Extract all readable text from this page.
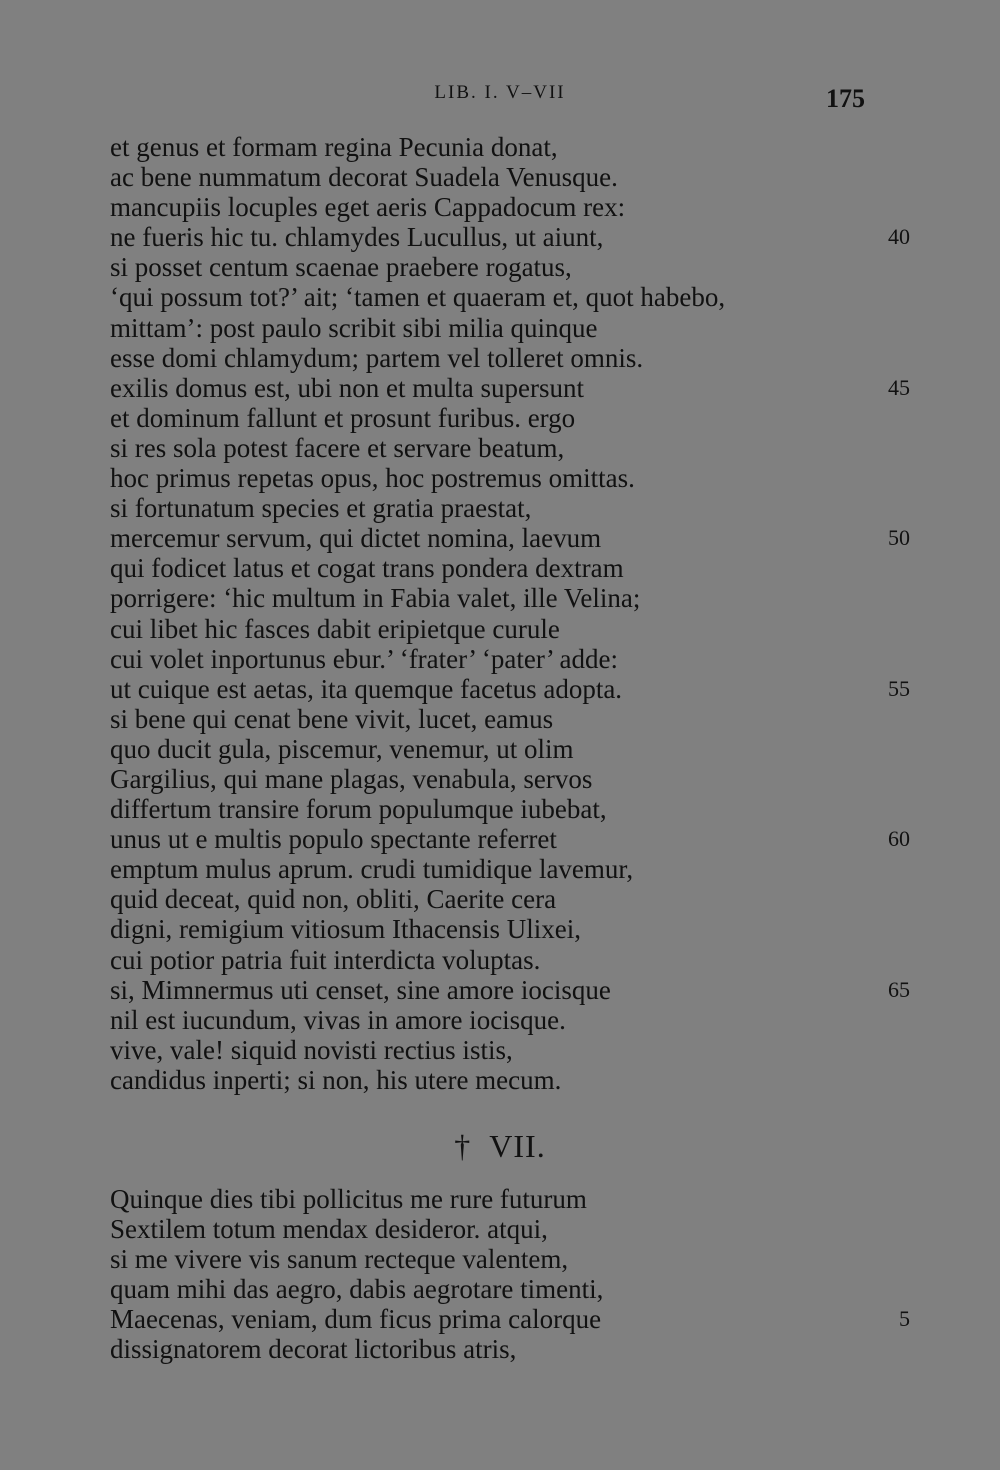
LIB. I. V–VII	175
et genus et formam regina Pecunia donat,
ac bene nummatum decorat Suadela Venusque.
mancupiis locuples eget aeris Cappadocum rex:
ne fueris hic tu. chlamydes Lucullus, ut aiunt,	40
si posset centum scaenae praebere rogatus,
‘qui possum tot?’ ait; ‘tamen et quaeram et, quot habebo,
mittam’: post paulo scribit sibi milia quinque
esse domi chlamydum; partem vel tolleret omnis.
exilis domus est, ubi non et multa supersunt	45
et dominum fallunt et prosunt furibus. ergo
si res sola potest facere et servare beatum,
hoc primus repetas opus, hoc postremus omittas.
si fortunatum species et gratia praestat,
mercemur servum, qui dictet nomina, laevum	50
qui fodicet latus et cogat trans pondera dextram
porrigere: ‘hic multum in Fabia valet, ille Velina;
cui libet hic fasces dabit eripietque curule
cui volet inportunus ebur.’ ‘frater’ ‘pater’ adde:
ut cuique est aetas, ita quemque facetus adopta.	55
si bene qui cenat bene vivit, lucet, eamus
quo ducit gula, piscemur, venemur, ut olim
Gargilius, qui mane plagas, venabula, servos
differtum transire forum populumque iubebat,
unus ut e multis populo spectante referret	60
emptum mulus aprum. crudi tumidique lavemur,
quid deceat, quid non, obliti, Caerite cera
digni, remigium vitiosum Ithacensis Ulixei,
cui potior patria fuit interdicta voluptas.
si, Mimnermus uti censet, sine amore iocisque	65
nil est iucundum, vivas in amore iocisque.
vive, vale! siquid novisti rectius istis,
candidus inperti; si non, his utere mecum.
† VII.
Quinque dies tibi pollicitus me rure futurum
Sextilem totum mendax desideror. atqui,
si me vivere vis sanum recteque valentem,
quam mihi das aegro, dabis aegrotare timenti,
Maecenas, veniam, dum ficus prima calorque	5
dissignatorem decorat lictoribus atris,
